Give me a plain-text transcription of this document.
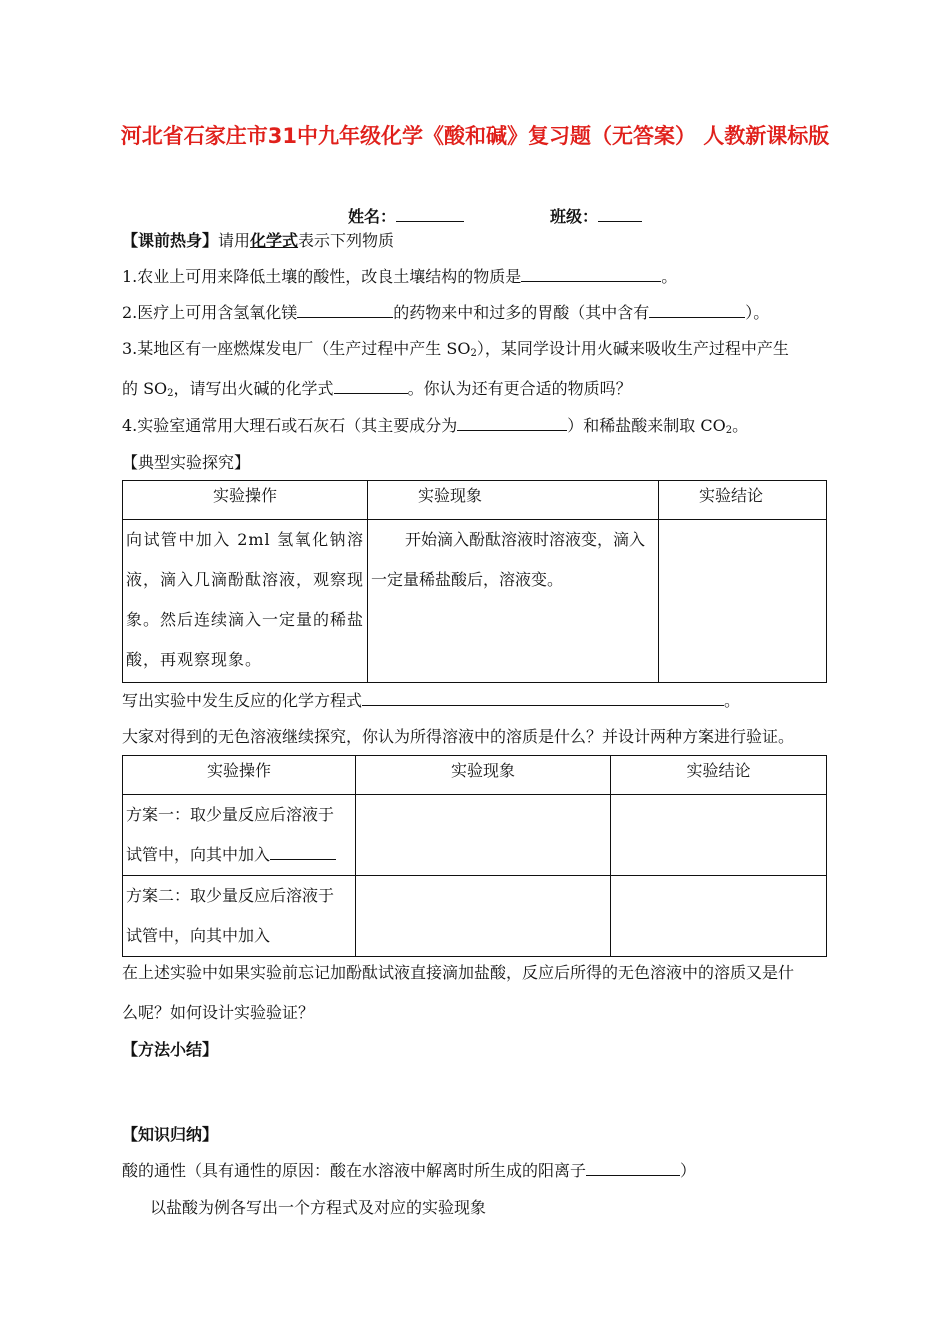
河北省石家庄市31中九年级化学《酸和碱》复习题（无答案） 人教新课标版
姓名：	班级：
【课前热身】请用化学式表示下列物质
1.农业上可用来降低土壤的酸性，改良土壤结构的物质是	。
2.医疗上可用含氢氧化镁	的药物来中和过多的胃酸（其中含有	）。
3.某地区有一座燃煤发电厂（生产过程中产生 $SO_2$），某同学设计用火碱来吸收生产过程中产生
的 $SO_2$，请写出火碱的化学式	。你认为还有更合适的物质吗？
4.实验室通常用大理石或石灰石（其主要成分为	）和稀盐酸来制取 $CO_2$。
【典型实验探究】
实验操作	实验现象	实验结论
向试管中加入 2ml 氢氧化钠溶液，滴入几滴酚酞溶液，观察现象。然后连续滴入一定量的稀盐酸，再观察现象。	开始滴入酚酞溶液时溶液变，滴入一定量稀盐酸后，溶液变。	
写出实验中发生反应的化学方程式	。
大家对得到的无色溶液继续探究，你认为所得溶液中的溶质是什么？并设计两种方案进行验证。
实验操作	实验现象	实验结论

方案一：取少量反应后溶液于
试管中，向其中加入		

方案二：取少量反应后溶液于
试管中，向其中加入		

在上述实验中如果实验前忘记加酚酞试液直接滴加盐酸，反应后所得的无色溶液中的溶质又是什
么呢？如何设计实验验证？
【方法小结】
【知识归纳】
酸的通性（具有通性的原因：酸在水溶液中解离时所生成的阳离子	）
以盐酸为例各写出一个方程式及对应的实验现象
